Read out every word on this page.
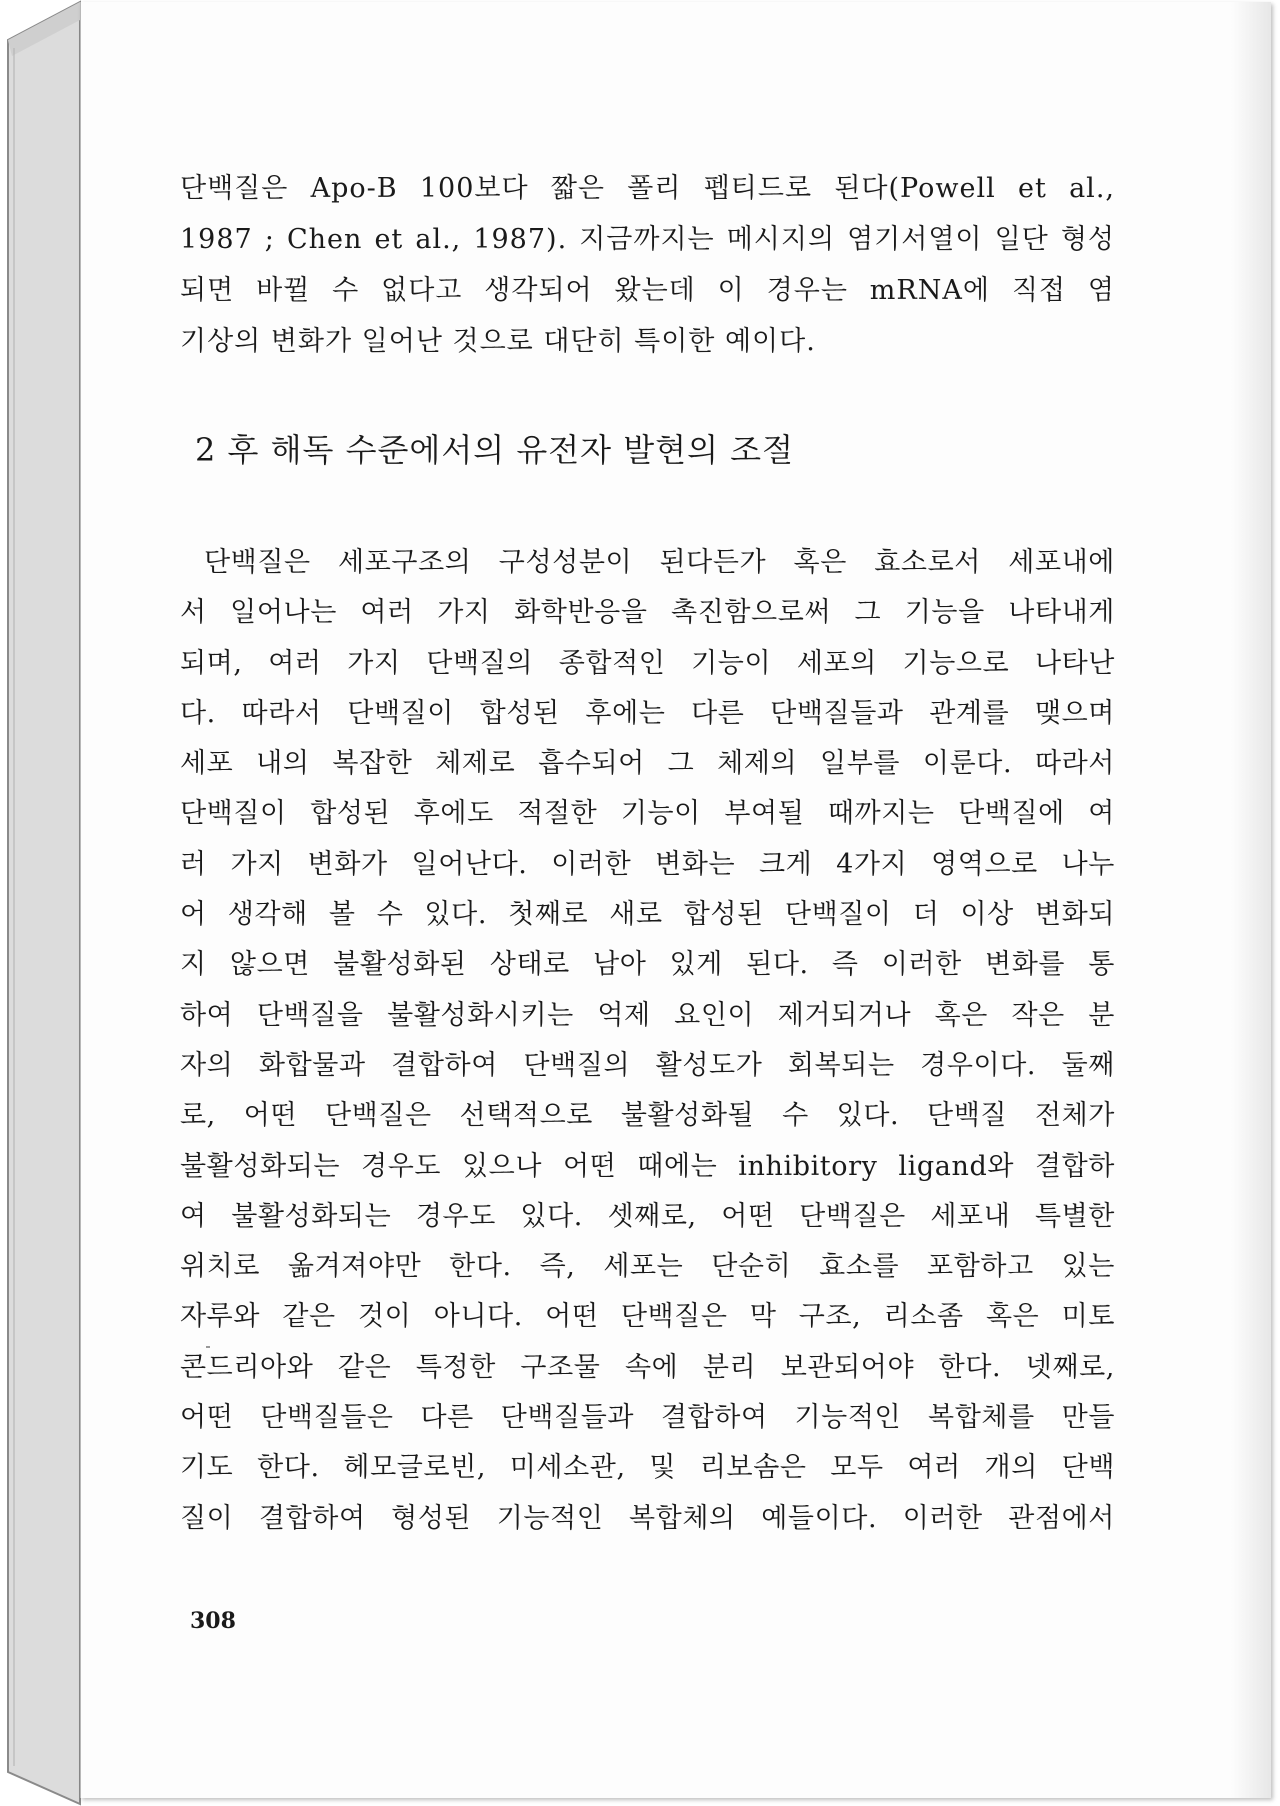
단백질은 Apo-B 100보다 짧은 폴리 펩티드로 된다(Powell et al.,
1987 ; Chen et al., 1987). 지금까지는 메시지의 염기서열이 일단 형성
되면 바뀔 수 없다고 생각되어 왔는데 이 경우는 mRNA에 직접 염
기상의 변화가 일어난 것으로 대단히 특이한 예이다.
2 후 해독 수준에서의 유전자 발현의 조절
단백질은 세포구조의 구성성분이 된다든가 혹은 효소로서 세포내에
서 일어나는 여러 가지 화학반응을 촉진함으로써 그 기능을 나타내게
되며, 여러 가지 단백질의 종합적인 기능이 세포의 기능으로 나타난
다. 따라서 단백질이 합성된 후에는 다른 단백질들과 관계를 맺으며
세포 내의 복잡한 체제로 흡수되어 그 체제의 일부를 이룬다. 따라서
단백질이 합성된 후에도 적절한 기능이 부여될 때까지는 단백질에 여
러 가지 변화가 일어난다. 이러한 변화는 크게 4가지 영역으로 나누
어 생각해 볼 수 있다. 첫째로 새로 합성된 단백질이 더 이상 변화되
지 않으면 불활성화된 상태로 남아 있게 된다. 즉 이러한 변화를 통
하여 단백질을 불활성화시키는 억제 요인이 제거되거나 혹은 작은 분
자의 화합물과 결합하여 단백질의 활성도가 회복되는 경우이다. 둘째
로, 어떤 단백질은 선택적으로 불활성화될 수 있다. 단백질 전체가
불활성화되는 경우도 있으나 어떤 때에는 inhibitory ligand와 결합하
여 불활성화되는 경우도 있다. 셋째로, 어떤 단백질은 세포내 특별한
위치로 옮겨져야만 한다. 즉, 세포는 단순히 효소를 포함하고 있는
자루와 같은 것이 아니다. 어떤 단백질은 막 구조, 리소좀 혹은 미토
콘드리아와 같은 특정한 구조물 속에 분리 보관되어야 한다. 넷째로,
어떤 단백질들은 다른 단백질들과 결합하여 기능적인 복합체를 만들
기도 한다. 헤모글로빈, 미세소관, 및 리보솜은 모두 여러 개의 단백
질이 결합하여 형성된 기능적인 복합체의 예들이다. 이러한 관점에서
308
